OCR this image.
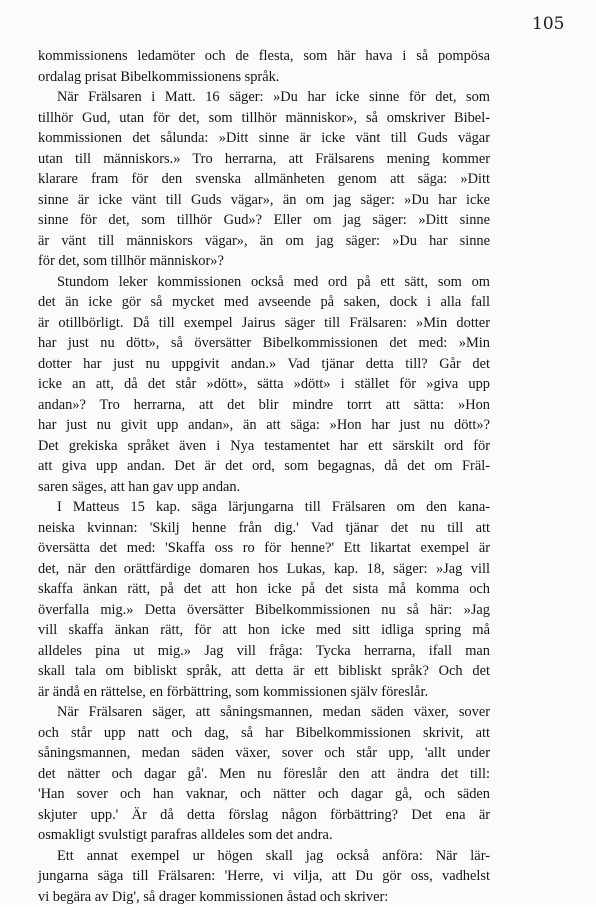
105

kommissionens ledamöter och de flesta, som här hava i så pompösa

ordalag prisat Bibelkommissionens språk.

När Frälsaren i Matt. 16 säger: »Du har icke sinne för det, som

tillhör Gud, utan för det, som tillhör människor», så omskriver Bibel-

kommissionen det sålunda: »Ditt sinne är icke vänt till Guds vägar

utan till människors.» Tro herrarna, att Frälsarens mening kommer

klarare fram för den svenska allmänheten genom att säga: »Ditt

sinne är icke vänt till Guds vägar», än om jag säger: »Du har icke

sinne för det, som tillhör Gud»? Eller om jag säger: »Ditt sinne

är vänt till människors vägar», än om jag säger: »Du har sinne

för det, som tillhör människor»?

Stundom leker kommissionen också med ord på ett sätt, som om

det än icke gör så mycket med avseende på saken, dock i alla fall

är otillbörligt. Då till exempel Jairus säger till Frälsaren: »Min dotter

har just nu dött», så översätter Bibelkommissionen det med: »Min

dotter har just nu uppgivit andan.» Vad tjänar detta till? Går det

icke an att, då det står »dött», sätta »dött» i stället för »giva upp

andan»? Tro herrarna, att det blir mindre torrt att sätta: »Hon

har just nu givit upp andan», än att säga: »Hon har just nu dött»?

Det grekiska språket även i Nya testamentet har ett särskilt ord för

att giva upp andan. Det är det ord, som begagnas, då det om Fräl-

saren säges, att han gav upp andan.

I Matteus 15 kap. säga lärjungarna till Frälsaren om den kana-

neiska kvinnan: 'Skilj henne från dig.' Vad tjänar det nu till att

översätta det med: 'Skaffa oss ro för henne?' Ett likartat exempel är

det, när den orättfärdige domaren hos Lukas, kap. 18, säger: »Jag vill

skaffa änkan rätt, på det att hon icke på det sista må komma och

överfalla mig.» Detta översätter Bibelkommissionen nu så här: »Jag

vill skaffa änkan rätt, för att hon icke med sitt idliga spring må

alldeles pina ut mig.» Jag vill fråga: Tycka herrarna, ifall man

skall tala om bibliskt språk, att detta är ett bibliskt språk? Och det

är ändå en rättelse, en förbättring, som kommissionen själv föreslår.

När Frälsaren säger, att såningsmannen, medan säden växer, sover

och står upp natt och dag, så har Bibelkommissionen skrivit, att

såningsmannen, medan säden växer, sover och står upp, 'allt under

det nätter och dagar gå'. Men nu föreslår den att ändra det till:

'Han sover och han vaknar, och nätter och dagar gå, och säden

skjuter upp.' Är då detta förslag någon förbättring? Det ena är

osmakligt svulstigt parafras alldeles som det andra.

Ett annat exempel ur högen skall jag också anföra: När lär-

jungarna säga till Frälsaren: 'Herre, vi vilja, att Du gör oss, vadhelst

vi begära av Dig', så drager kommissionen åstad och skriver:
